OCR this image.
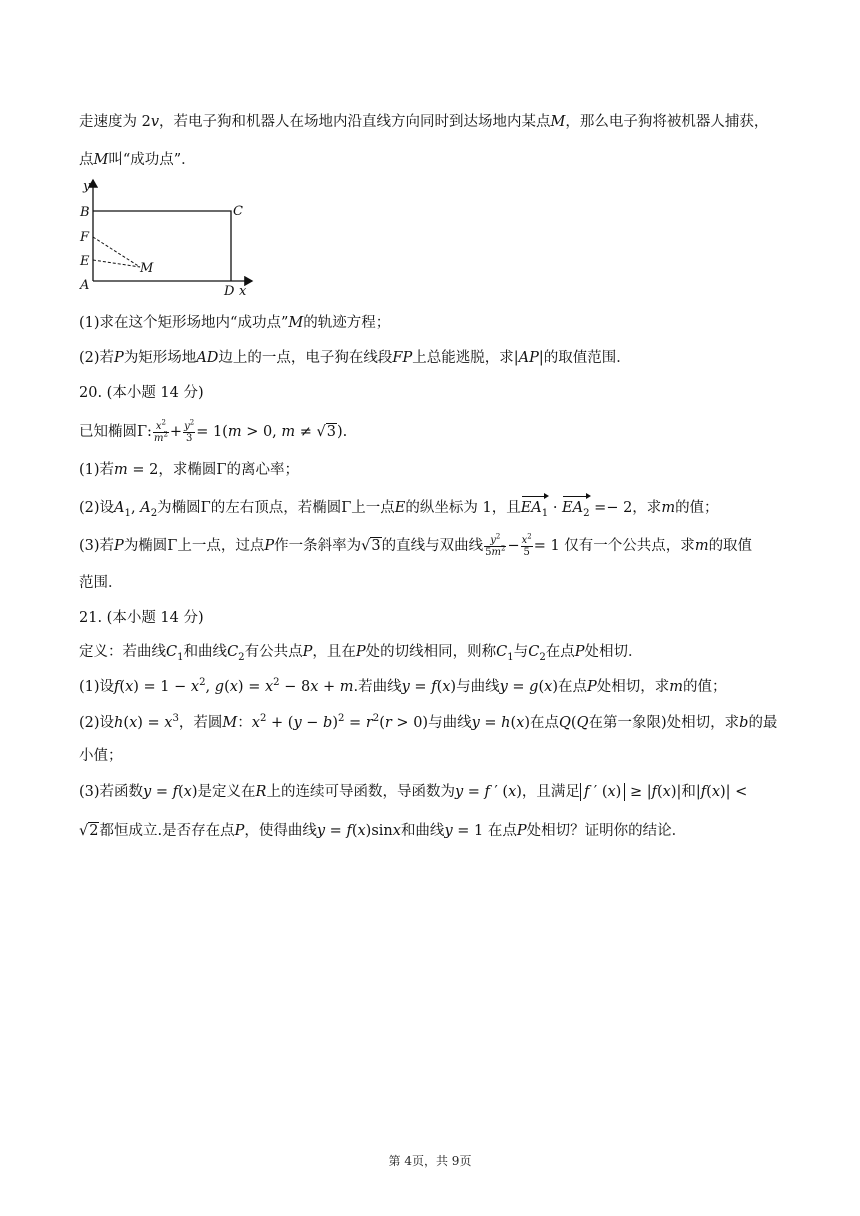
走速度为 2v，若电子狗和机器人在场地内沿直线方向同时到达场地内某点M，那么电子狗将被机器人捕获，
点M叫“成功点”．
y
B	C
F
E	M
A	D x
(1)求在这个矩形场地内“成功点”M的轨迹方程；
(2)若P为矩形场地AD边上的一点，电子狗在线段FP上总能逃脱，求|AP|的取值范围．
20. (本小题 14 分)
已知椭圆Γ: $\frac{x^2}{m^2} + \frac{y^2}{3} = 1(m > 0$, m ≠ √3).
(1)若m = 2，求椭圆Γ的离心率；
(2)设$A_1$, $A_2$为椭圆Γ的左右顶点，若椭圆Γ上一点E的纵坐标为 1，且$EA_1 \cdot EA_2 =- 2$，求m的值；
(3)若P为椭圆Γ上一点，过点P作一条斜率为√3的直线与双曲线 $\frac{y^2}{5m^2} - \frac{x^2}{5} = 1$ 仅有一个公共点，求m的取值
范围．
21. (本小题 14 分)
定义：若曲线$C_1$和曲线$C_2$有公共点P，且在P处的切线相同，则称$C_1$与$C_2$在点P处相切．
(1)设$f(x) = 1 - x^2$, $g(x) = x^2 - 8x + m$.若曲线y = f(x)与曲线y = g(x)在点P处相切，求m的值；
(2)设$h(x) = x^3$，若圆M：$x^2 + (y - b)^2 = r^2(r > 0)$与曲线y = h(x)在点Q(Q在第一象限)处相切，求b的最
小值；
(3)若函数y = f(x)是定义在R上的连续可导函数，导函数为y = f ′ (x)，且满足 f ′ (x) ≥ |f(x)|和|f(x)| <
√2都恒成立.是否存在点P，使得曲线y = f(x)sinx和曲线y = 1 在点P处相切？证明你的结论．
第 4页，共 9页
